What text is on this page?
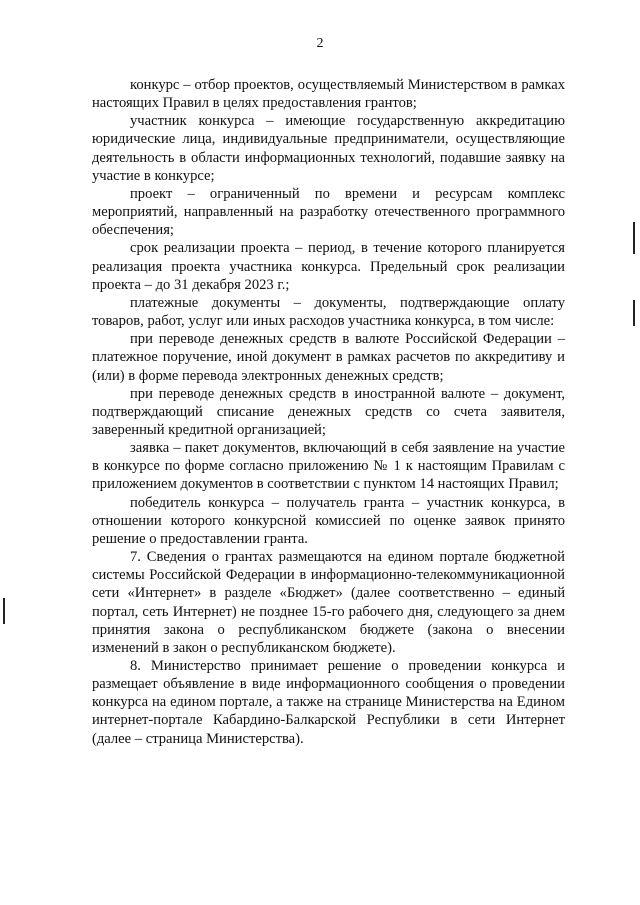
2

конкурс – отбор проектов, осуществляемый Министерством в рамках настоящих Правил в целях предоставления грантов;

участник конкурса – имеющие государственную аккредитацию юридические лица, индивидуальные предприниматели, осуществляющие деятельность в области информационных технологий, подавшие заявку на участие в конкурсе;

проект – ограниченный по времени и ресурсам комплекс мероприятий, направленный на разработку отечественного программного обеспечения;

срок реализации проекта – период, в течение которого планируется реализация проекта участника конкурса. Предельный срок реализации проекта – до 31 декабря 2023 г.;

платежные документы – документы, подтверждающие оплату товаров, работ, услуг или иных расходов участника конкурса, в том числе:

при переводе денежных средств в валюте Российской Федерации – платежное поручение, иной документ в рамках расчетов по аккредитиву и (или) в форме перевода электронных денежных средств;

при переводе денежных средств в иностранной валюте – документ, подтверждающий списание денежных средств со счета заявителя, заверенный кредитной организацией;

заявка – пакет документов, включающий в себя заявление на участие в конкурсе по форме согласно приложению № 1 к настоящим Правилам с приложением документов в соответствии с пунктом 14 настоящих Правил;

победитель конкурса – получатель гранта – участник конкурса, в отношении которого конкурсной комиссией по оценке заявок принято решение о предоставлении гранта.

7. Сведения о грантах размещаются на едином портале бюджетной системы Российской Федерации в информационно-телекоммуникационной сети «Интернет» в разделе «Бюджет» (далее соответственно – единый портал, сеть Интернет) не позднее 15-го рабочего дня, следующего за днем принятия закона о республиканском бюджете (закона о внесении изменений в закон о республиканском бюджете).

8. Министерство принимает решение о проведении конкурса и размещает объявление в виде информационного сообщения о проведении конкурса на едином портале, а также на странице Министерства на Едином интернет-портале Кабардино-Балкарской Республики в сети Интернет (далее – страница Министерства).
